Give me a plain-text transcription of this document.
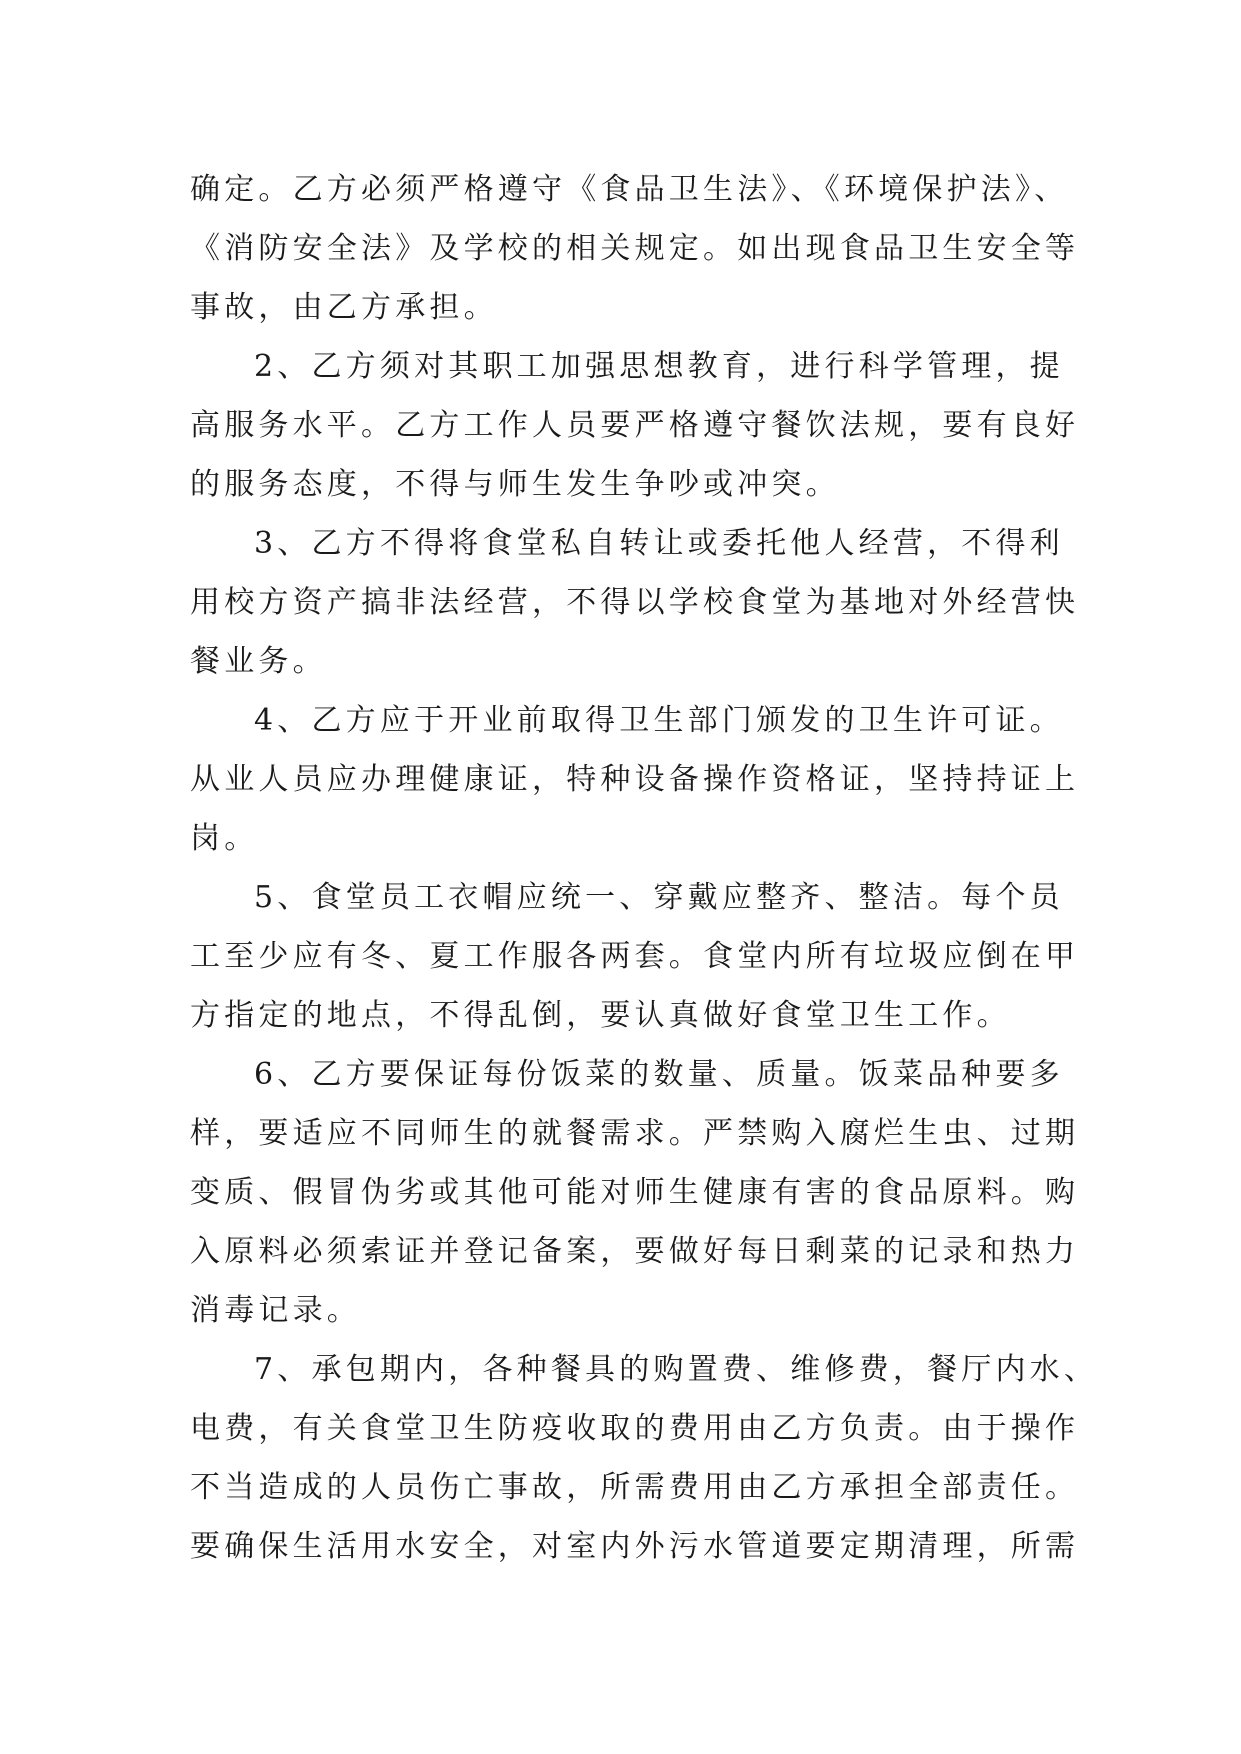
确定。乙方必须严格遵守《食品卫生法》、《环境保护法》、
《消防安全法》及学校的相关规定。如出现食品卫生安全等
事故，由乙方承担。
2、乙方须对其职工加强思想教育，进行科学管理，提
高服务水平。乙方工作人员要严格遵守餐饮法规，要有良好
的服务态度，不得与师生发生争吵或冲突。
3、乙方不得将食堂私自转让或委托他人经营，不得利
用校方资产搞非法经营，不得以学校食堂为基地对外经营快
餐业务。
4、乙方应于开业前取得卫生部门颁发的卫生许可证。
从业人员应办理健康证，特种设备操作资格证，坚持持证上
岗。
5、食堂员工衣帽应统一、穿戴应整齐、整洁。每个员
工至少应有冬、夏工作服各两套。食堂内所有垃圾应倒在甲
方指定的地点，不得乱倒，要认真做好食堂卫生工作。
6、乙方要保证每份饭菜的数量、质量。饭菜品种要多
样，要适应不同师生的就餐需求。严禁购入腐烂生虫、过期
变质、假冒伪劣或其他可能对师生健康有害的食品原料。购
入原料必须索证并登记备案，要做好每日剩菜的记录和热力
消毒记录。
7、承包期内，各种餐具的购置费、维修费，餐厅内水、
电费，有关食堂卫生防疫收取的费用由乙方负责。由于操作
不当造成的人员伤亡事故，所需费用由乙方承担全部责任。
要确保生活用水安全，对室内外污水管道要定期清理，所需
